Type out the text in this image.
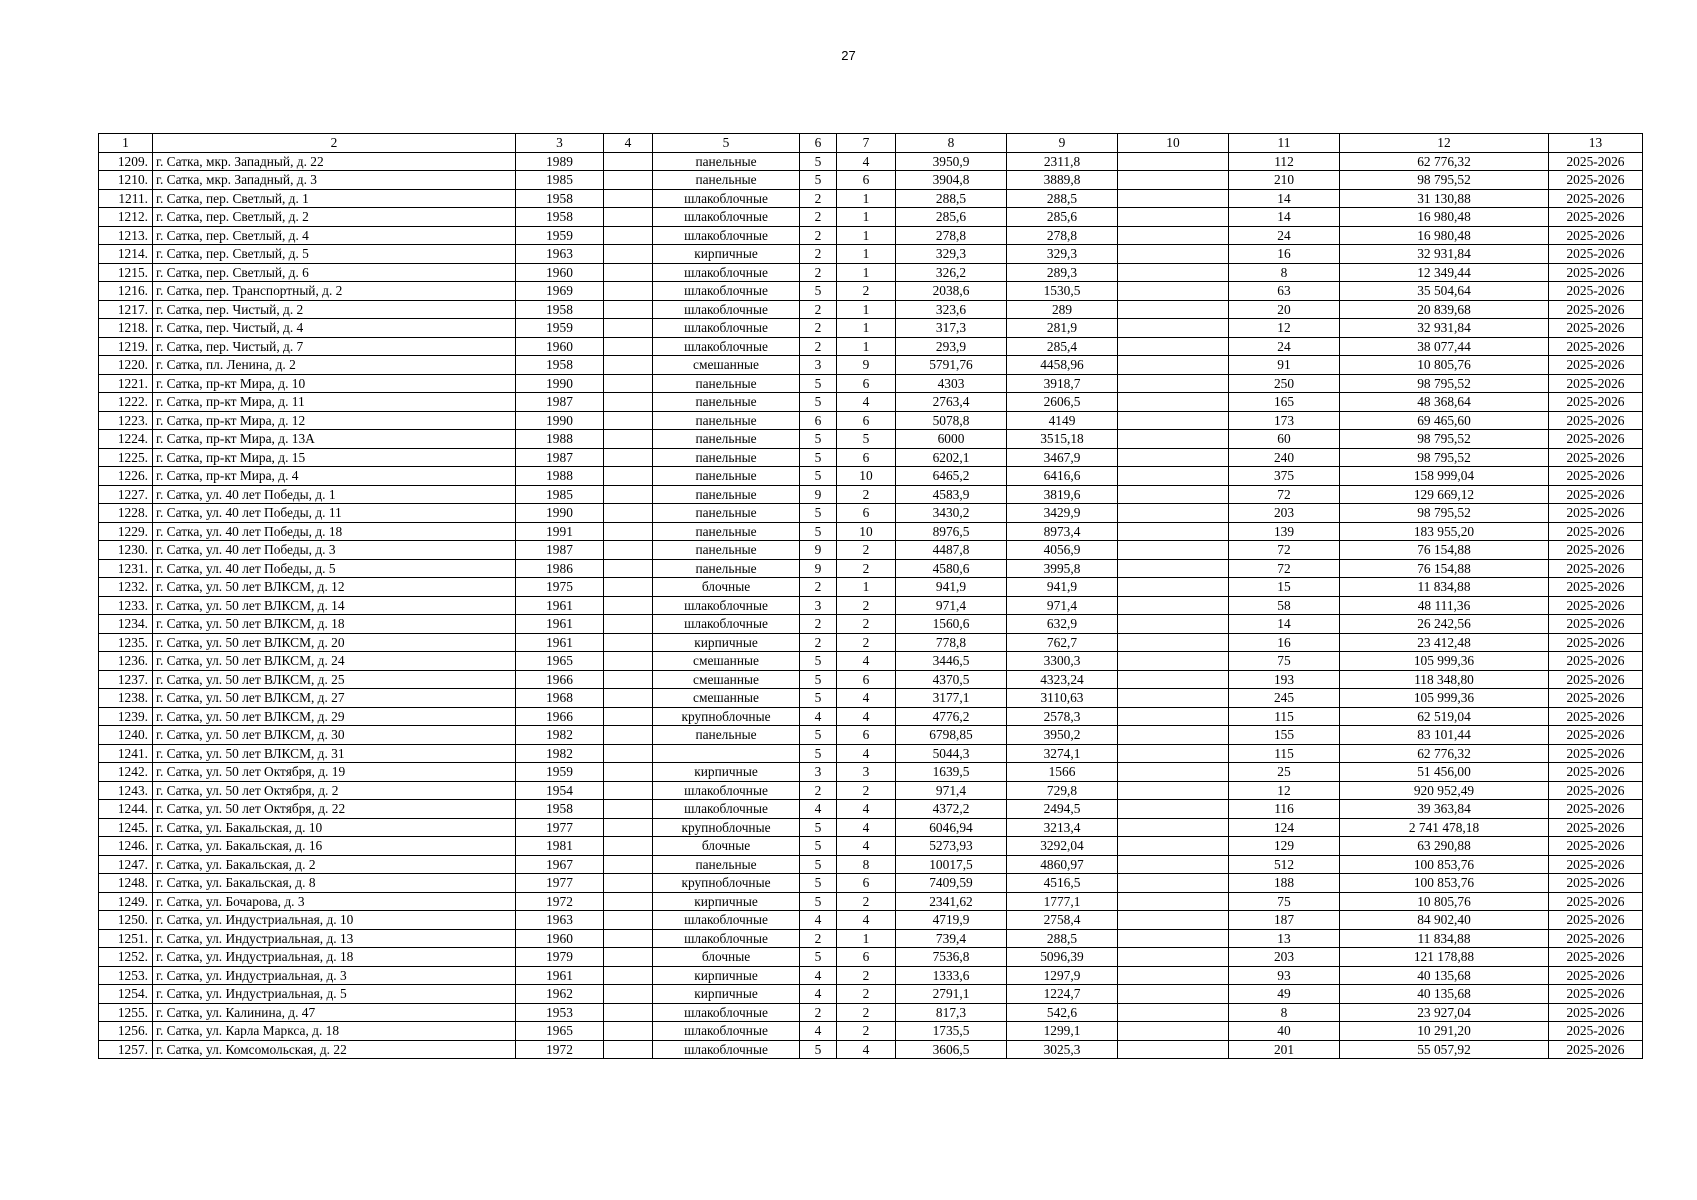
27
1	2	3	4	5	6	7	8	9	10	11	12	13
1209.	г. Сатка, мкр. Западный, д. 22	1989		панельные	5	4	3950,9	2311,8		112	62 776,32	2025-2026
1210.	г. Сатка, мкр. Западный, д. 3	1985		панельные	5	6	3904,8	3889,8		210	98 795,52	2025-2026
1211.	г. Сатка, пер. Светлый, д. 1	1958		шлакоблочные	2	1	288,5	288,5		14	31 130,88	2025-2026
1212.	г. Сатка, пер. Светлый, д. 2	1958		шлакоблочные	2	1	285,6	285,6		14	16 980,48	2025-2026
1213.	г. Сатка, пер. Светлый, д. 4	1959		шлакоблочные	2	1	278,8	278,8		24	16 980,48	2025-2026
1214.	г. Сатка, пер. Светлый, д. 5	1963		кирпичные	2	1	329,3	329,3		16	32 931,84	2025-2026
1215.	г. Сатка, пер. Светлый, д. 6	1960		шлакоблочные	2	1	326,2	289,3		8	12 349,44	2025-2026
1216.	г. Сатка, пер. Транспортный, д. 2	1969		шлакоблочные	5	2	2038,6	1530,5		63	35 504,64	2025-2026
1217.	г. Сатка, пер. Чистый, д. 2	1958		шлакоблочные	2	1	323,6	289		20	20 839,68	2025-2026
1218.	г. Сатка, пер. Чистый, д. 4	1959		шлакоблочные	2	1	317,3	281,9		12	32 931,84	2025-2026
1219.	г. Сатка, пер. Чистый, д. 7	1960		шлакоблочные	2	1	293,9	285,4		24	38 077,44	2025-2026
1220.	г. Сатка, пл. Ленина, д. 2	1958		смешанные	3	9	5791,76	4458,96		91	10 805,76	2025-2026
1221.	г. Сатка, пр-кт Мира, д. 10	1990		панельные	5	6	4303	3918,7		250	98 795,52	2025-2026
1222.	г. Сатка, пр-кт Мира, д. 11	1987		панельные	5	4	2763,4	2606,5		165	48 368,64	2025-2026
1223.	г. Сатка, пр-кт Мира, д. 12	1990		панельные	6	6	5078,8	4149		173	69 465,60	2025-2026
1224.	г. Сатка, пр-кт Мира, д. 13А	1988		панельные	5	5	6000	3515,18		60	98 795,52	2025-2026
1225.	г. Сатка, пр-кт Мира, д. 15	1987		панельные	5	6	6202,1	3467,9		240	98 795,52	2025-2026
1226.	г. Сатка, пр-кт Мира, д. 4	1988		панельные	5	10	6465,2	6416,6		375	158 999,04	2025-2026
1227.	г. Сатка, ул. 40 лет Победы, д. 1	1985		панельные	9	2	4583,9	3819,6		72	129 669,12	2025-2026
1228.	г. Сатка, ул. 40 лет Победы, д. 11	1990		панельные	5	6	3430,2	3429,9		203	98 795,52	2025-2026
1229.	г. Сатка, ул. 40 лет Победы, д. 18	1991		панельные	5	10	8976,5	8973,4		139	183 955,20	2025-2026
1230.	г. Сатка, ул. 40 лет Победы, д. 3	1987		панельные	9	2	4487,8	4056,9		72	76 154,88	2025-2026
1231.	г. Сатка, ул. 40 лет Победы, д. 5	1986		панельные	9	2	4580,6	3995,8		72	76 154,88	2025-2026
1232.	г. Сатка, ул. 50 лет ВЛКСМ, д. 12	1975		блочные	2	1	941,9	941,9		15	11 834,88	2025-2026
1233.	г. Сатка, ул. 50 лет ВЛКСМ, д. 14	1961		шлакоблочные	3	2	971,4	971,4		58	48 111,36	2025-2026
1234.	г. Сатка, ул. 50 лет ВЛКСМ, д. 18	1961		шлакоблочные	2	2	1560,6	632,9		14	26 242,56	2025-2026
1235.	г. Сатка, ул. 50 лет ВЛКСМ, д. 20	1961		кирпичные	2	2	778,8	762,7		16	23 412,48	2025-2026
1236.	г. Сатка, ул. 50 лет ВЛКСМ, д. 24	1965		смешанные	5	4	3446,5	3300,3		75	105 999,36	2025-2026
1237.	г. Сатка, ул. 50 лет ВЛКСМ, д. 25	1966		смешанные	5	6	4370,5	4323,24		193	118 348,80	2025-2026
1238.	г. Сатка, ул. 50 лет ВЛКСМ, д. 27	1968		смешанные	5	4	3177,1	3110,63		245	105 999,36	2025-2026
1239.	г. Сатка, ул. 50 лет ВЛКСМ, д. 29	1966		крупноблочные	4	4	4776,2	2578,3		115	62 519,04	2025-2026
1240.	г. Сатка, ул. 50 лет ВЛКСМ, д. 30	1982		панельные	5	6	6798,85	3950,2		155	83 101,44	2025-2026
1241.	г. Сатка, ул. 50 лет ВЛКСМ, д. 31	1982			5	4	5044,3	3274,1		115	62 776,32	2025-2026
1242.	г. Сатка, ул. 50 лет Октября, д. 19	1959		кирпичные	3	3	1639,5	1566		25	51 456,00	2025-2026
1243.	г. Сатка, ул. 50 лет Октября, д. 2	1954		шлакоблочные	2	2	971,4	729,8		12	920 952,49	2025-2026
1244.	г. Сатка, ул. 50 лет Октября, д. 22	1958		шлакоблочные	4	4	4372,2	2494,5		116	39 363,84	2025-2026
1245.	г. Сатка, ул. Бакальская, д. 10	1977		крупноблочные	5	4	6046,94	3213,4		124	2 741 478,18	2025-2026
1246.	г. Сатка, ул. Бакальская, д. 16	1981		блочные	5	4	5273,93	3292,04		129	63 290,88	2025-2026
1247.	г. Сатка, ул. Бакальская, д. 2	1967		панельные	5	8	10017,5	4860,97		512	100 853,76	2025-2026
1248.	г. Сатка, ул. Бакальская, д. 8	1977		крупноблочные	5	6	7409,59	4516,5		188	100 853,76	2025-2026
1249.	г. Сатка, ул. Бочарова, д. 3	1972		кирпичные	5	2	2341,62	1777,1		75	10 805,76	2025-2026
1250.	г. Сатка, ул. Индустриальная, д. 10	1963		шлакоблочные	4	4	4719,9	2758,4		187	84 902,40	2025-2026
1251.	г. Сатка, ул. Индустриальная, д. 13	1960		шлакоблочные	2	1	739,4	288,5		13	11 834,88	2025-2026
1252.	г. Сатка, ул. Индустриальная, д. 18	1979		блочные	5	6	7536,8	5096,39		203	121 178,88	2025-2026
1253.	г. Сатка, ул. Индустриальная, д. 3	1961		кирпичные	4	2	1333,6	1297,9		93	40 135,68	2025-2026
1254.	г. Сатка, ул. Индустриальная, д. 5	1962		кирпичные	4	2	2791,1	1224,7		49	40 135,68	2025-2026
1255.	г. Сатка, ул. Калинина, д. 47	1953		шлакоблочные	2	2	817,3	542,6		8	23 927,04	2025-2026
1256.	г. Сатка, ул. Карла Маркса, д. 18	1965		шлакоблочные	4	2	1735,5	1299,1		40	10 291,20	2025-2026
1257.	г. Сатка, ул. Комсомольская, д. 22	1972		шлакоблочные	5	4	3606,5	3025,3		201	55 057,92	2025-2026
